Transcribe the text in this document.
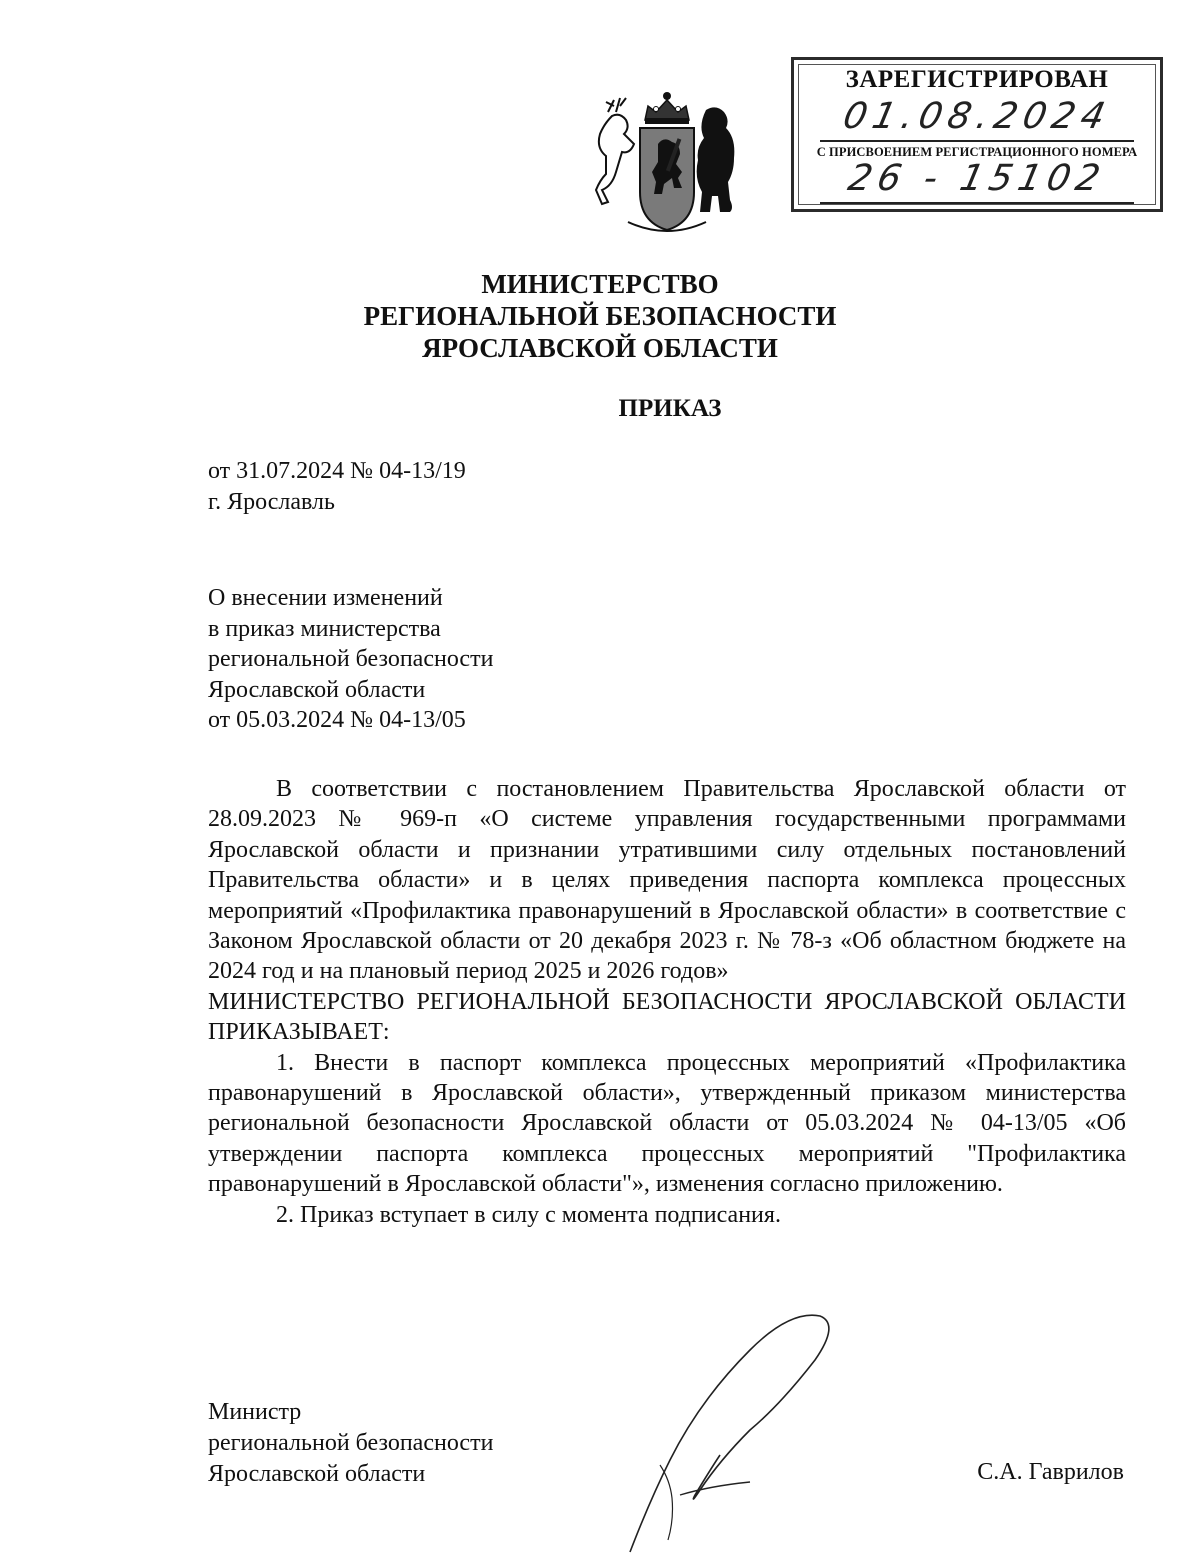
ЗАРЕГИСТРИРОВАН
01.08.2024
С ПРИСВОЕНИЕМ РЕГИСТРАЦИОННОГО НОМЕРА
26 - 15102
МИНИСТЕРСТВО
РЕГИОНАЛЬНОЙ БЕЗОПАСНОСТИ
ЯРОСЛАВСКОЙ ОБЛАСТИ
ПРИКАЗ
от 31.07.2024 № 04-13/19
г. Ярославль
О внесении изменений
в приказ министерства
региональной безопасности
Ярославской области
от 05.03.2024 № 04-13/05

В соответствии с постановлением Правительства Ярославской области от 28.09.2023 № 969-п «О системе управления государственными программами Ярославской области и признании утратившими силу отдельных постановлений Правительства области» и в целях приведения паспорта комплекса процессных мероприятий «Профилактика правонарушений в Ярославской области» в соответствие с Законом Ярославской области от 20 декабря 2023 г. № 78-з «Об областном бюджете на 2024 год и на плановый период 2025 и 2026 годов»

МИНИСТЕРСТВО РЕГИОНАЛЬНОЙ БЕЗОПАСНОСТИ ЯРОСЛАВСКОЙ ОБЛАСТИ ПРИКАЗЫВАЕТ:

1. Внести в паспорт комплекса процессных мероприятий «Профилактика правонарушений в Ярославской области», утвержденный приказом министерства региональной безопасности Ярославской области от 05.03.2024 № 04-13/05 «Об утверждении паспорта комплекса процессных мероприятий "Профилактика правонарушений в Ярославской области"», изменения согласно приложению.

2. Приказ вступает в силу с момента подписания.

Министр
региональной безопасности
Ярославской области	С.А. Гаврилов
